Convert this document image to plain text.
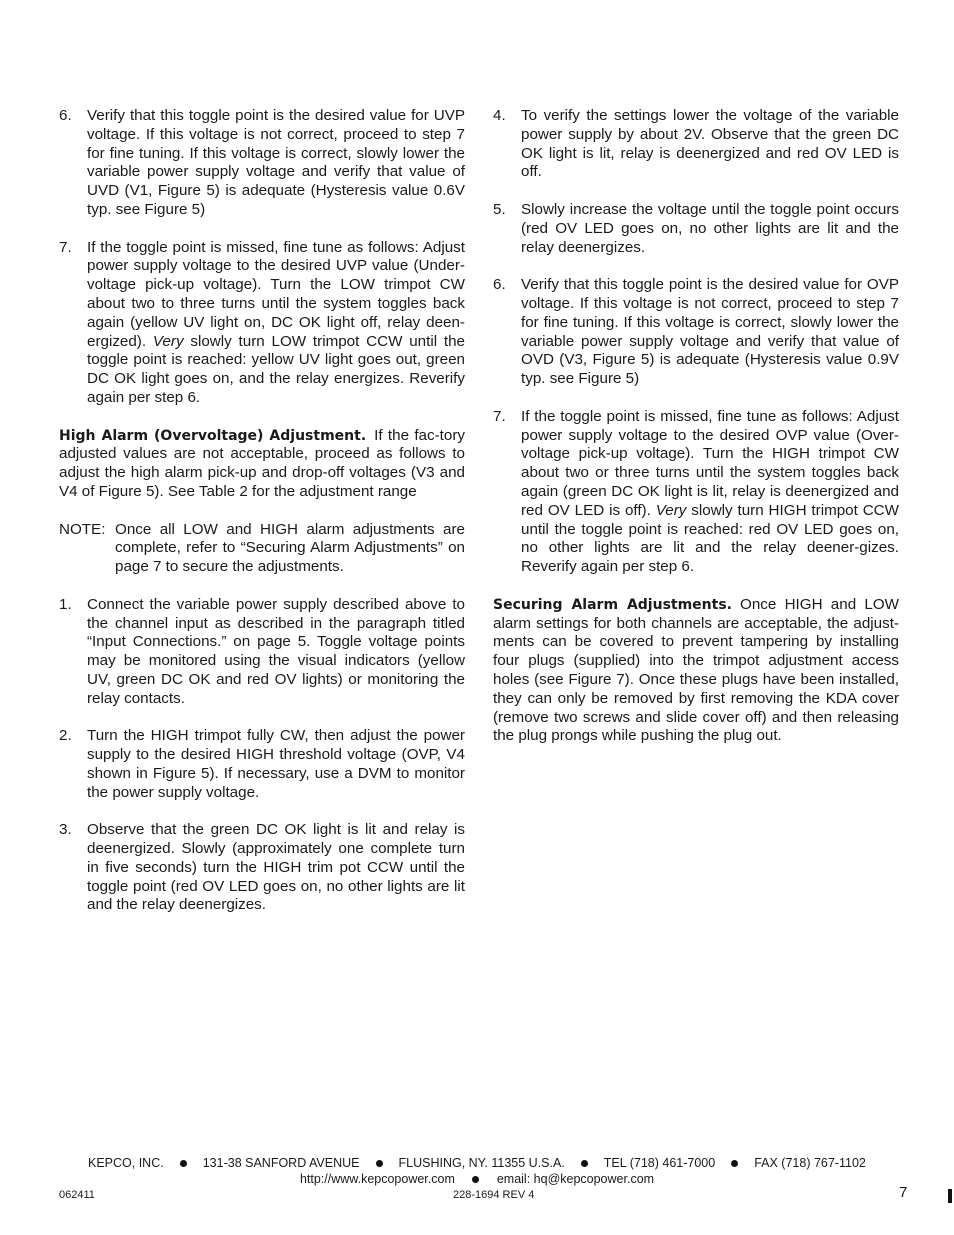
6.	Verify that this toggle point is the desired value for UVP voltage. If this voltage is not correct, proceed to step 7 for fine tuning. If this voltage is correct, slowly lower the variable power supply voltage and verify that value of UVD (V1, Figure 5) is adequate (Hysteresis value 0.6V typ. see Figure 5)
7.	If the toggle point is missed, fine tune as follows: Adjust power supply voltage to the desired UVP value (Under-voltage pick-up voltage). Turn the LOW trimpot CW about two to three turns until the system toggles back again (yellow UV light on, DC OK light off, relay deen-ergized). Very slowly turn LOW trimpot CCW until the toggle point is reached: yellow UV light goes out, green DC OK light goes on, and the relay energizes. Reverify again per step 6.
High Alarm (Overvoltage) Adjustment. If the fac-tory adjusted values are not acceptable, proceed as follows to adjust the high alarm pick-up and drop-off voltages (V3 and V4 of Figure 5). See Table 2 for the adjustment range
NOTE: Once all LOW and HIGH alarm adjustments are complete, refer to “Securing Alarm Adjustments” on page 7 to secure the adjustments.
1.	Connect the variable power supply described above to the channel input as described in the paragraph titled “Input Connections.” on page 5. Toggle voltage points may be monitored using the visual indicators (yellow UV, green DC OK and red OV lights) or monitoring the relay contacts.
2.	Turn the HIGH trimpot fully CW, then adjust the power supply to the desired HIGH threshold voltage (OVP, V4 shown in Figure 5). If necessary, use a DVM to monitor the power supply voltage.
3.	Observe that the green DC OK light is lit and relay is deenergized. Slowly (approximately one complete turn in five seconds) turn the HIGH trim pot CCW until the toggle point (red OV LED goes on, no other lights are lit and the relay deenergizes.
4.	To verify the settings lower the voltage of the variable power supply by about 2V. Observe that the green DC OK light is lit, relay is deenergized and red OV LED is off.
5.	Slowly increase the voltage until the toggle point occurs (red OV LED goes on, no other lights are lit and the relay deenergizes.
6.	Verify that this toggle point is the desired value for OVP voltage. If this voltage is not correct, proceed to step 7 for fine tuning. If this voltage is correct, slowly lower the variable power supply voltage and verify that value of OVD (V3, Figure 5) is adequate (Hysteresis value 0.9V typ. see Figure 5)
7.	If the toggle point is missed, fine tune as follows: Adjust power supply voltage to the desired OVP value (Over-voltage pick-up voltage). Turn the HIGH trimpot CW about two or three turns until the system toggles back again (green DC OK light is lit, relay is deenergized and red OV LED is off). Very slowly turn HIGH trimpot CCW until the toggle point is reached: red OV LED goes on, no other lights are lit and the relay deener-gizes. Reverify again per step 6.
Securing Alarm Adjustments. Once HIGH and LOW alarm settings for both channels are acceptable, the adjust-ments can be covered to prevent tampering by installing four plugs (supplied) into the trimpot adjustment access holes (see Figure 7). Once these plugs have been installed, they can only be removed by first removing the KDA cover (remove two screws and slide cover off) and then releasing the plug prongs while pushing the plug out.
KEPCO, INC.	131-38 SANFORD AVENUE	FLUSHING, NY. 11355 U.S.A.	TEL (718) 461-7000	FAX (718) 767-1102
http://www.kepcopower.com	email: hq@kepcopower.com
062411	228-1694 REV 4	7
